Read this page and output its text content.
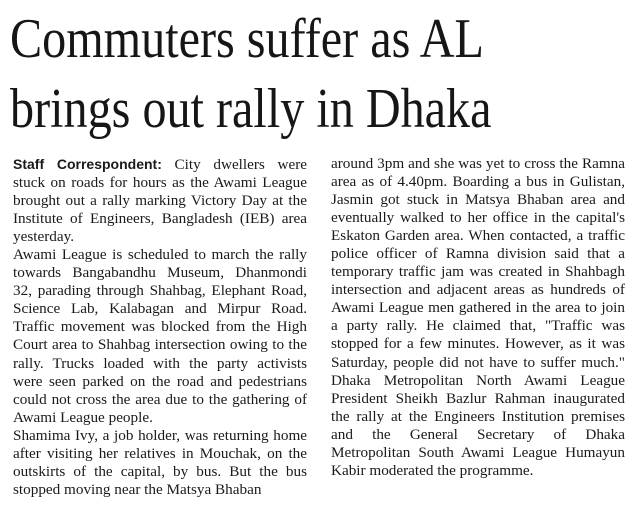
Commuters suffer as AL
brings out rally in Dhaka

Staff Correspondent: City dwellers were stuck on roads for hours as the Awami League brought out a rally marking Victory Day at the Institute of Engineers, Bangladesh (IEB) area yesterday.

Awami League is scheduled to march the rally towards Bangabandhu Museum, Dhanmondi 32, parading through Shahbag, Elephant Road, Science Lab, Kalabagan and Mirpur Road. Traffic movement was blocked from the High Court area to Shahbag intersection owing to the rally. Trucks loaded with the party activists were seen parked on the road and pedestrians could not cross the area due to the gathering of Awami League people.

Shamima Ivy, a job holder, was returning home after visiting her relatives in Mouchak, on the outskirts of the capital, by bus. But the bus stopped moving near the Matsya Bhaban

around 3pm and she was yet to cross the Ramna area as of 4.40pm. Boarding a bus in Gulistan, Jasmin got stuck in Matsya Bhaban area and eventually walked to her office in the capital's Eskaton Garden area. When contacted, a traffic police officer of Ramna division said that a temporary traffic jam was created in Shahbagh intersection and adjacent areas as hundreds of Awami League men gathered in the area to join a party rally. He claimed that, "Traffic was stopped for a few minutes. However, as it was Saturday, people did not have to suffer much." Dhaka Metropolitan North Awami League President Sheikh Bazlur Rahman inaugurated the rally at the Engineers Institution premises and the General Secretary of Dhaka Metropolitan South Awami League Humayun Kabir moderated the programme.
